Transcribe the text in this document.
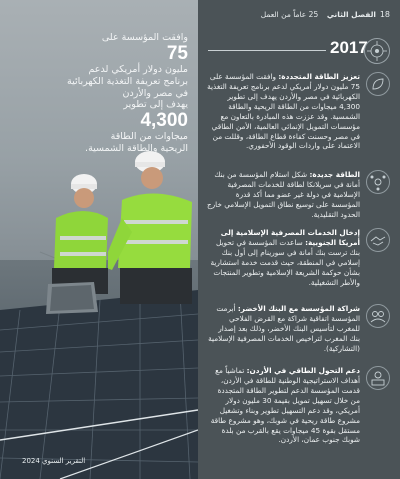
وافقت المؤسسة على
75
مليون دولار أمريكي لدعم
برنامج تعريفة التغذية الكهربائية
في مصر والأردن
يهدف إلى تطوير
4,300
ميجاوات من الطاقة
الريحية والطاقة الشمسية.
التقرير السنوي 2024
18
الفصل الثاني 25 عاماً من العمل
2017
تعزيز الطاقة المتجددة: وافقت المؤسسة على 75 مليون دولار أمريكي لدعم برنامج تعريفة التغذية الكهربائية في مصر والأردن يهدف إلى تطوير 4,300 ميجاوات من الطاقة الريحية والطاقة الشمسية. وقد عززت هذه المبادرة بالتعاون مع مؤسسات التمويل الإنمائي العالمية، الأمن الطاقي في مصر وحسنت كفاءة قطاع الطاقة، وقللت من الاعتماد على واردات الوقود الأحفوري.
الطاقة جديدة: شكل استلام المؤسسة من بنك أمانة في سريلانكا لطاقة للخدمات المصرفية الإسلامية في دولة غير عضو مما أكد قدرة المؤسسة على توسيع نطاق التمويل الإسلامي خارج الحدود التقليدية.
إدخال الخدمات المصرفية الإسلامية إلى أمريكا الجنوبية: ساعدت المؤسسة في تحويل بنك ترست بنك أمانة في سورينام إلى أول بنك إسلامي في المنطقة، حيث قدمت خدمة استشارية بشأن حوكمة الشريعة الإسلامية وتطوير المنتجات والأطر التشغيلية.
شراكة المؤسسة مع البنك الأخضر: أبرمت المؤسسة اتفاقية شراكة مع القرض الفلاحي للمغرب لتأسيس البنك الأخضر، وذلك بعد إصدار بنك المغرب لتراخيص الخدمات المصرفية الإسلامية (التشاركية).
دعم التحول الطاقي في الأردن: تماشياً مع أهداف الاستراتيجية الوطنية للطاقة في الأردن، قدمت المؤسسة الدعم لتطوير الطاقة المتجددة من خلال تسهيل تمويل بقيمة 30 مليون دولار أمريكي، وقد دعم التسهيل تطوير وبناء وتشغيل مشروع طاقة ريحية في شوبك، وهو مشروع طاقة مستقل بقوة 45 ميجاوات يقع بالقرب من بلدة شوبك جنوب عمان، الأردن.
